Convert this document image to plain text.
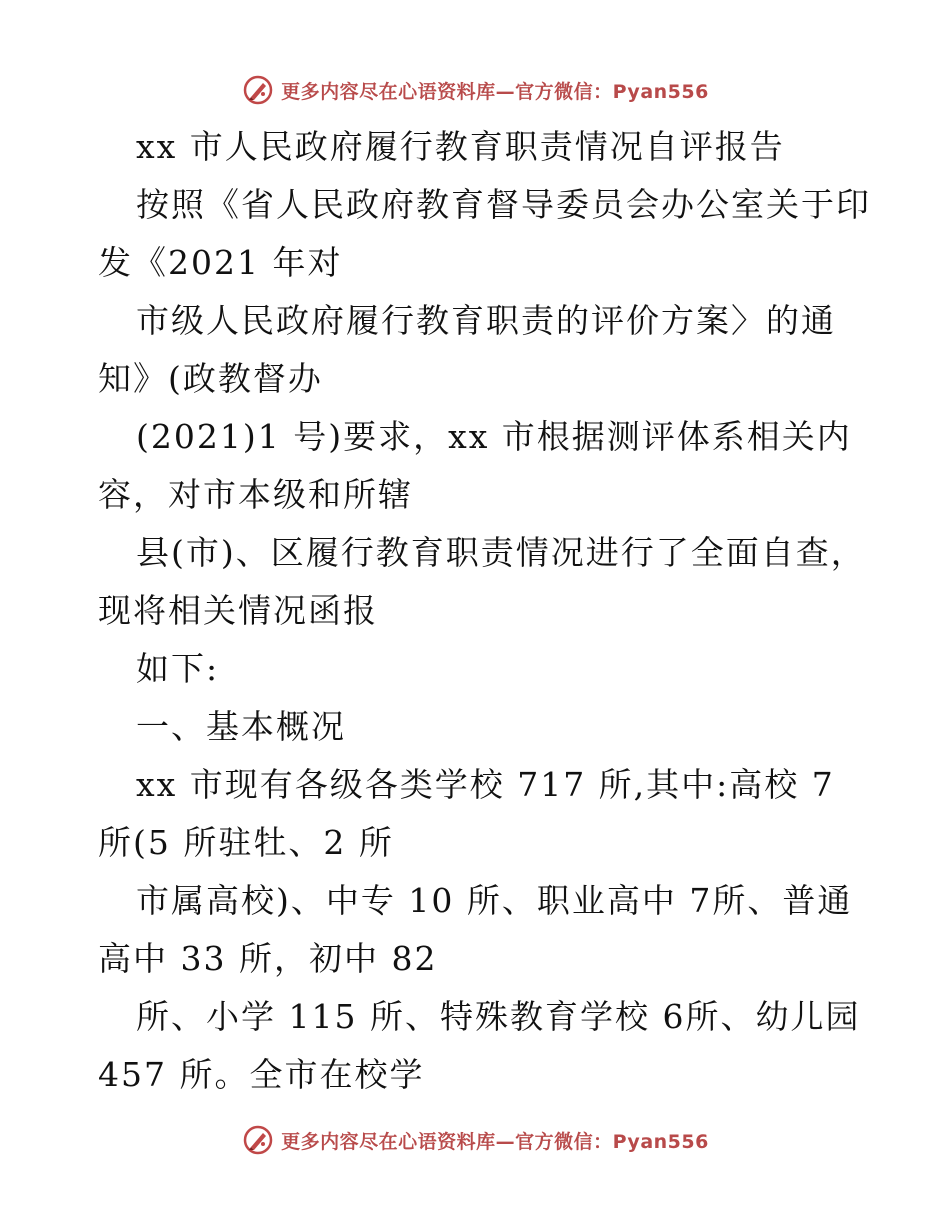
更多内容尽在心语资料库—官方微信：Pyan556
xx 市人民政府履行教育职责情况自评报告
按照《省人民政府教育督导委员会办公室关于印
发《2021 年对
市级人民政府履行教育职责的评价方案〉的通
知》(政教督办
(2021)1 号)要求，xx 市根据测评体系相关内
容，对市本级和所辖
县(市)、区履行教育职责情况进行了全面自查，
现将相关情况函报
如下:
一、基本概况
xx 市现有各级各类学校 717 所,其中:高校 7
所(5 所驻牡、2 所
市属高校)、中专 10 所、职业高中 7所、普通
高中 33 所，初中 82
所、小学 115 所、特殊教育学校 6所、幼儿园
457 所。全市在校学
更多内容尽在心语资料库—官方微信：Pyan556
